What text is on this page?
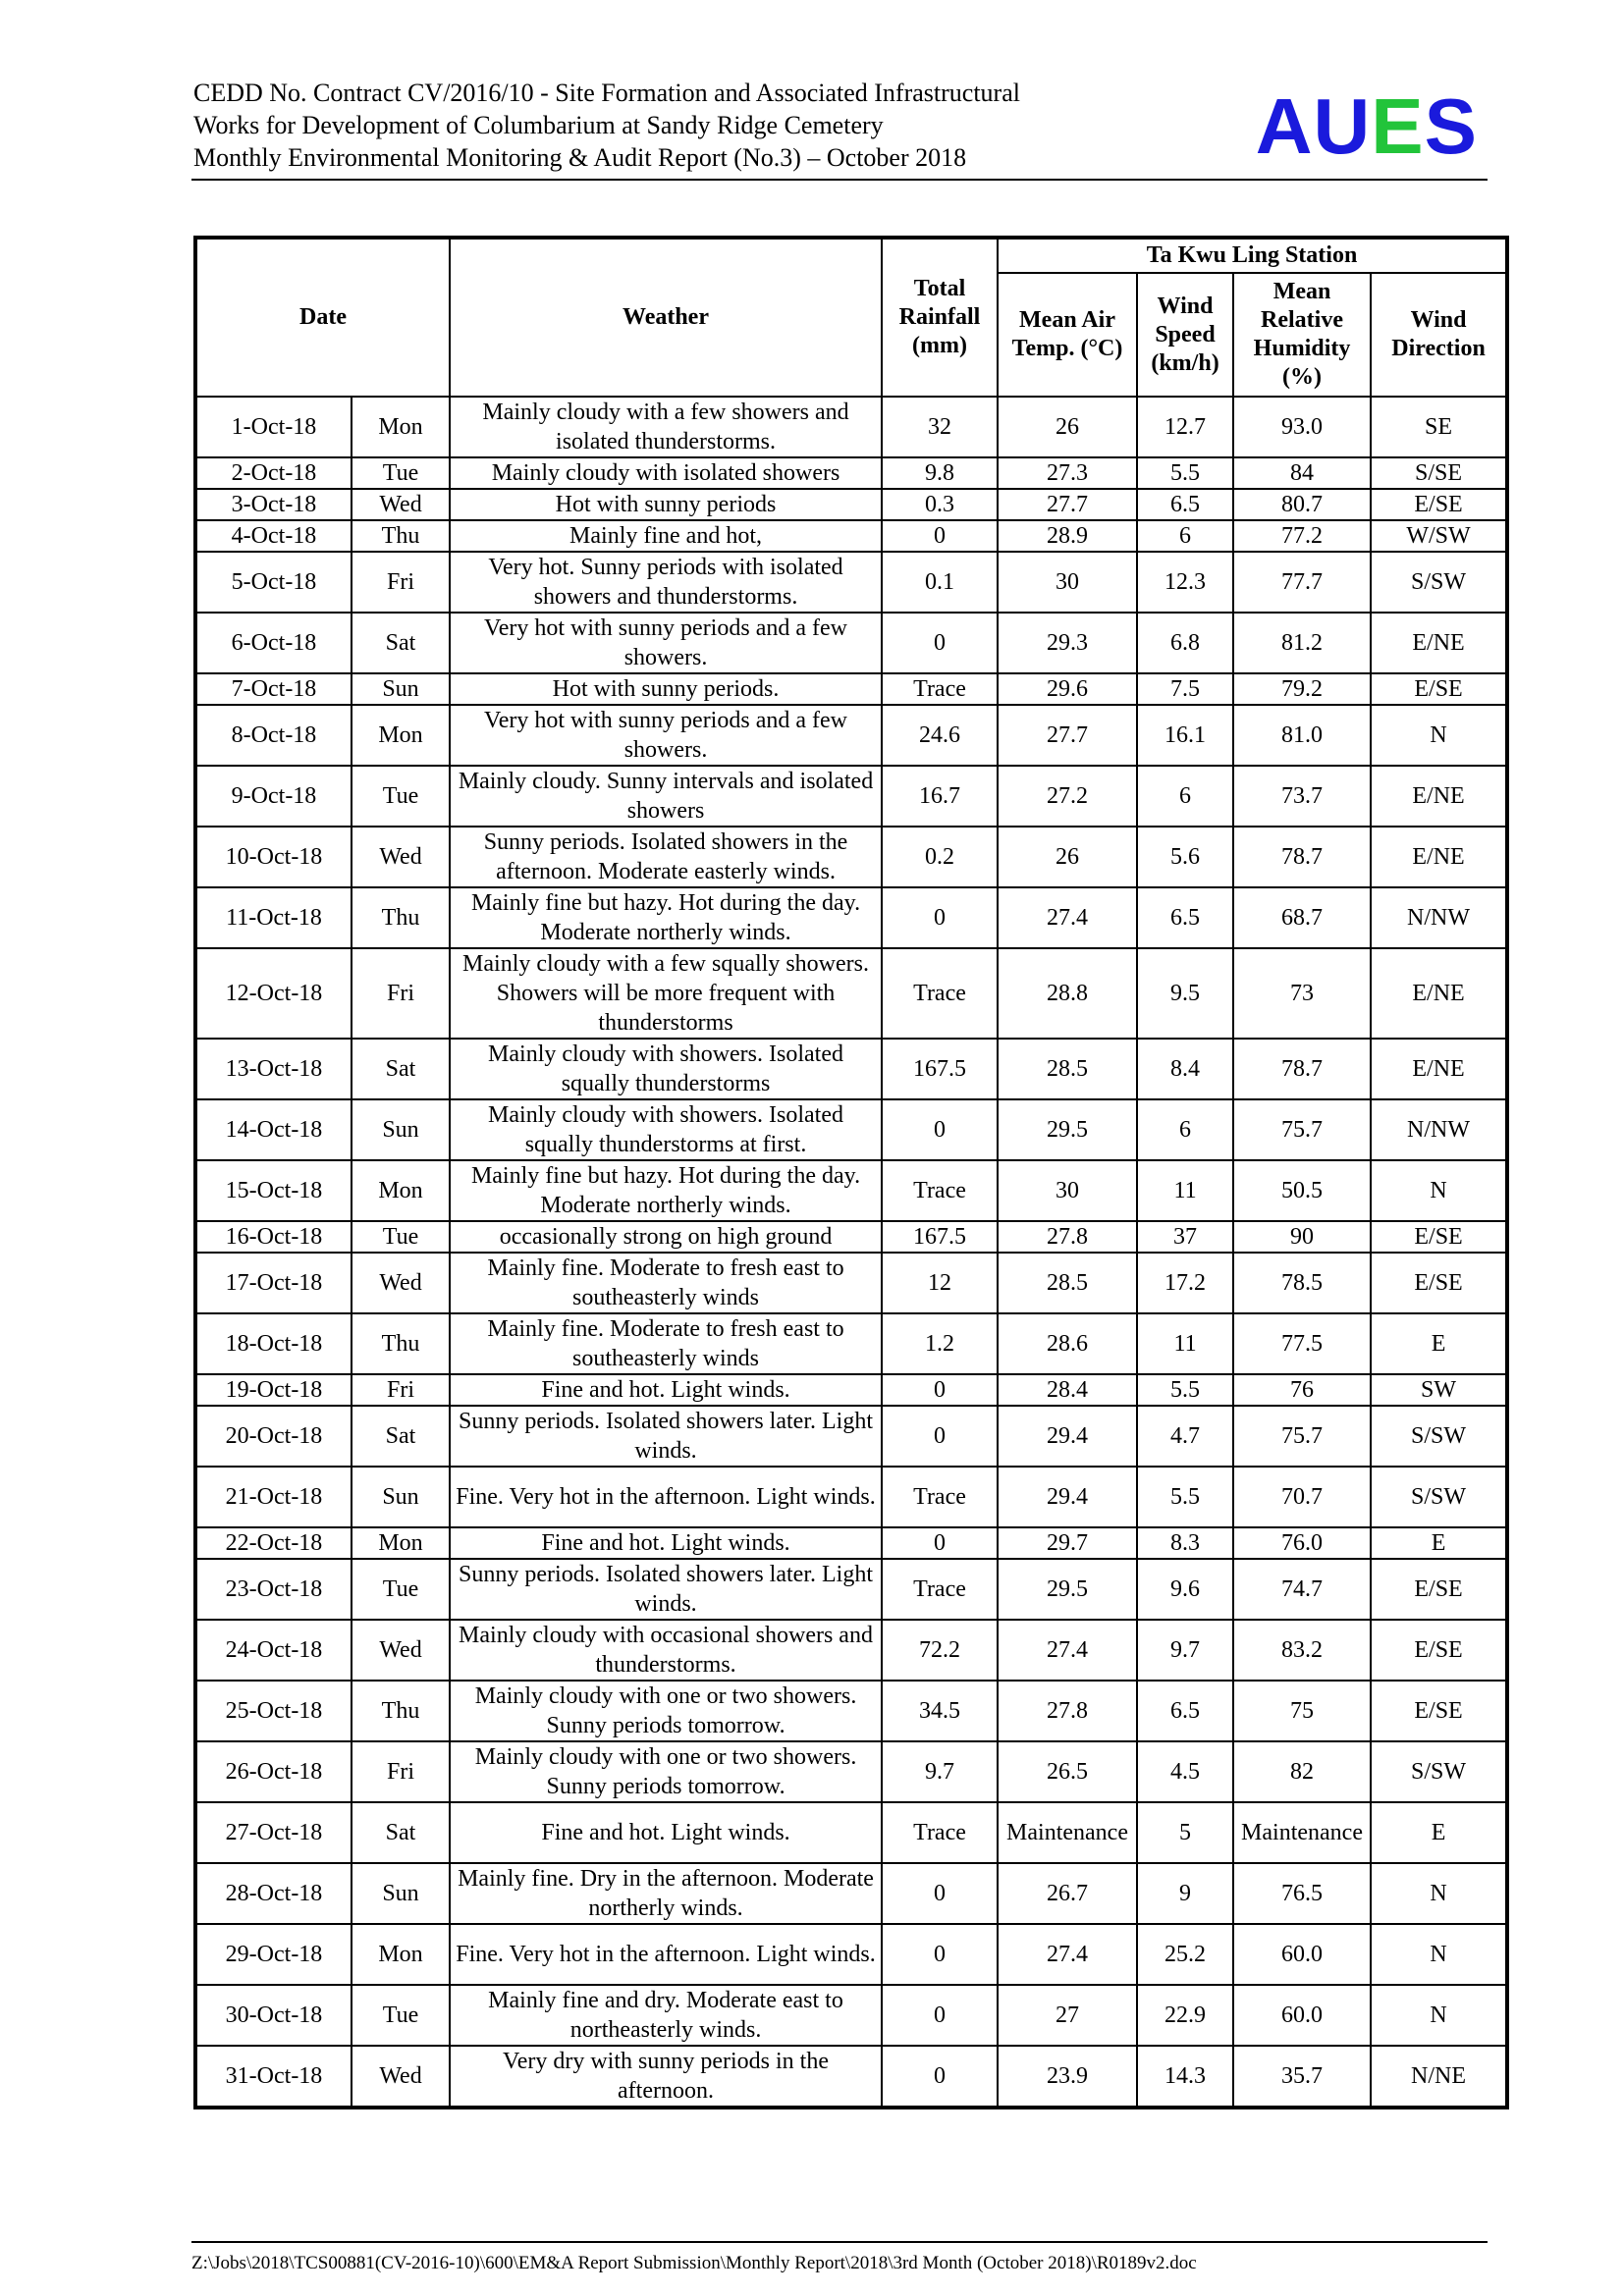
CEDD No. Contract CV/2016/10 - Site Formation and Associated Infrastructural
Works for Development of Columbarium at Sandy Ridge Cemetery
Monthly Environmental Monitoring & Audit Report (No.3) – October 2018	AUES
Date		Weather	Total Rainfall (mm)	Ta Kwu Ling Station			
				Mean Air Temp. (°C)	Wind Speed (km/h)	Mean Relative Humidity (%)	Wind Direction
1-Oct-18	Mon	Mainly cloudy with a few showers and isolated thunderstorms.	32	26	12.7	93.0	SE
2-Oct-18	Tue	Mainly cloudy with isolated showers	9.8	27.3	5.5	84	S/SE
3-Oct-18	Wed	Hot with sunny periods	0.3	27.7	6.5	80.7	E/SE
4-Oct-18	Thu	Mainly fine and hot,	0	28.9	6	77.2	W/SW
5-Oct-18	Fri	Very hot. Sunny periods with isolated showers and thunderstorms.	0.1	30	12.3	77.7	S/SW
6-Oct-18	Sat	Very hot with sunny periods and a few showers.	0	29.3	6.8	81.2	E/NE
7-Oct-18	Sun	Hot with sunny periods.	Trace	29.6	7.5	79.2	E/SE
8-Oct-18	Mon	Very hot with sunny periods and a few showers.	24.6	27.7	16.1	81.0	N
9-Oct-18	Tue	Mainly cloudy. Sunny intervals and isolated showers	16.7	27.2	6	73.7	E/NE
10-Oct-18	Wed	Sunny periods. Isolated showers in the afternoon. Moderate easterly winds.	0.2	26	5.6	78.7	E/NE
11-Oct-18	Thu	Mainly fine but hazy. Hot during the day. Moderate northerly winds.	0	27.4	6.5	68.7	N/NW
12-Oct-18	Fri	Mainly cloudy with a few squally showers. Showers will be more frequent with thunderstorms	Trace	28.8	9.5	73	E/NE
13-Oct-18	Sat	Mainly cloudy with showers. Isolated squally thunderstorms	167.5	28.5	8.4	78.7	E/NE
14-Oct-18	Sun	Mainly cloudy with showers. Isolated squally thunderstorms at first.	0	29.5	6	75.7	N/NW
15-Oct-18	Mon	Mainly fine but hazy. Hot during the day. Moderate northerly winds.	Trace	30	11	50.5	N
16-Oct-18	Tue	occasionally strong on high ground	167.5	27.8	37	90	E/SE
17-Oct-18	Wed	Mainly fine. Moderate to fresh east to southeasterly winds	12	28.5	17.2	78.5	E/SE
18-Oct-18	Thu	Mainly fine. Moderate to fresh east to southeasterly winds	1.2	28.6	11	77.5	E
19-Oct-18	Fri	Fine and hot. Light winds.	0	28.4	5.5	76	SW
20-Oct-18	Sat	Sunny periods. Isolated showers later. Light winds.	0	29.4	4.7	75.7	S/SW
21-Oct-18	Sun	Fine. Very hot in the afternoon. Light winds.	Trace	29.4	5.5	70.7	S/SW
22-Oct-18	Mon	Fine and hot. Light winds.	0	29.7	8.3	76.0	E
23-Oct-18	Tue	Sunny periods. Isolated showers later. Light winds.	Trace	29.5	9.6	74.7	E/SE
24-Oct-18	Wed	Mainly cloudy with occasional showers and thunderstorms.	72.2	27.4	9.7	83.2	E/SE
25-Oct-18	Thu	Mainly cloudy with one or two showers. Sunny periods tomorrow.	34.5	27.8	6.5	75	E/SE
26-Oct-18	Fri	Mainly cloudy with one or two showers. Sunny periods tomorrow.	9.7	26.5	4.5	82	S/SW
27-Oct-18	Sat	Fine and hot. Light winds.	Trace	Maintenance	5	Maintenance	E
28-Oct-18	Sun	Mainly fine. Dry in the afternoon. Moderate northerly winds.	0	26.7	9	76.5	N
29-Oct-18	Mon	Fine. Very hot in the afternoon. Light winds.	0	27.4	25.2	60.0	N
30-Oct-18	Tue	Mainly fine and dry. Moderate east to northeasterly winds.	0	27	22.9	60.0	N
31-Oct-18	Wed	Very dry with sunny periods in the afternoon.	0	23.9	14.3	35.7	N/NE
Z:\Jobs\2018\TCS00881(CV-2016-10)\600\EM&A Report Submission\Monthly Report\2018\3rd Month (October 2018)\R0189v2.doc
